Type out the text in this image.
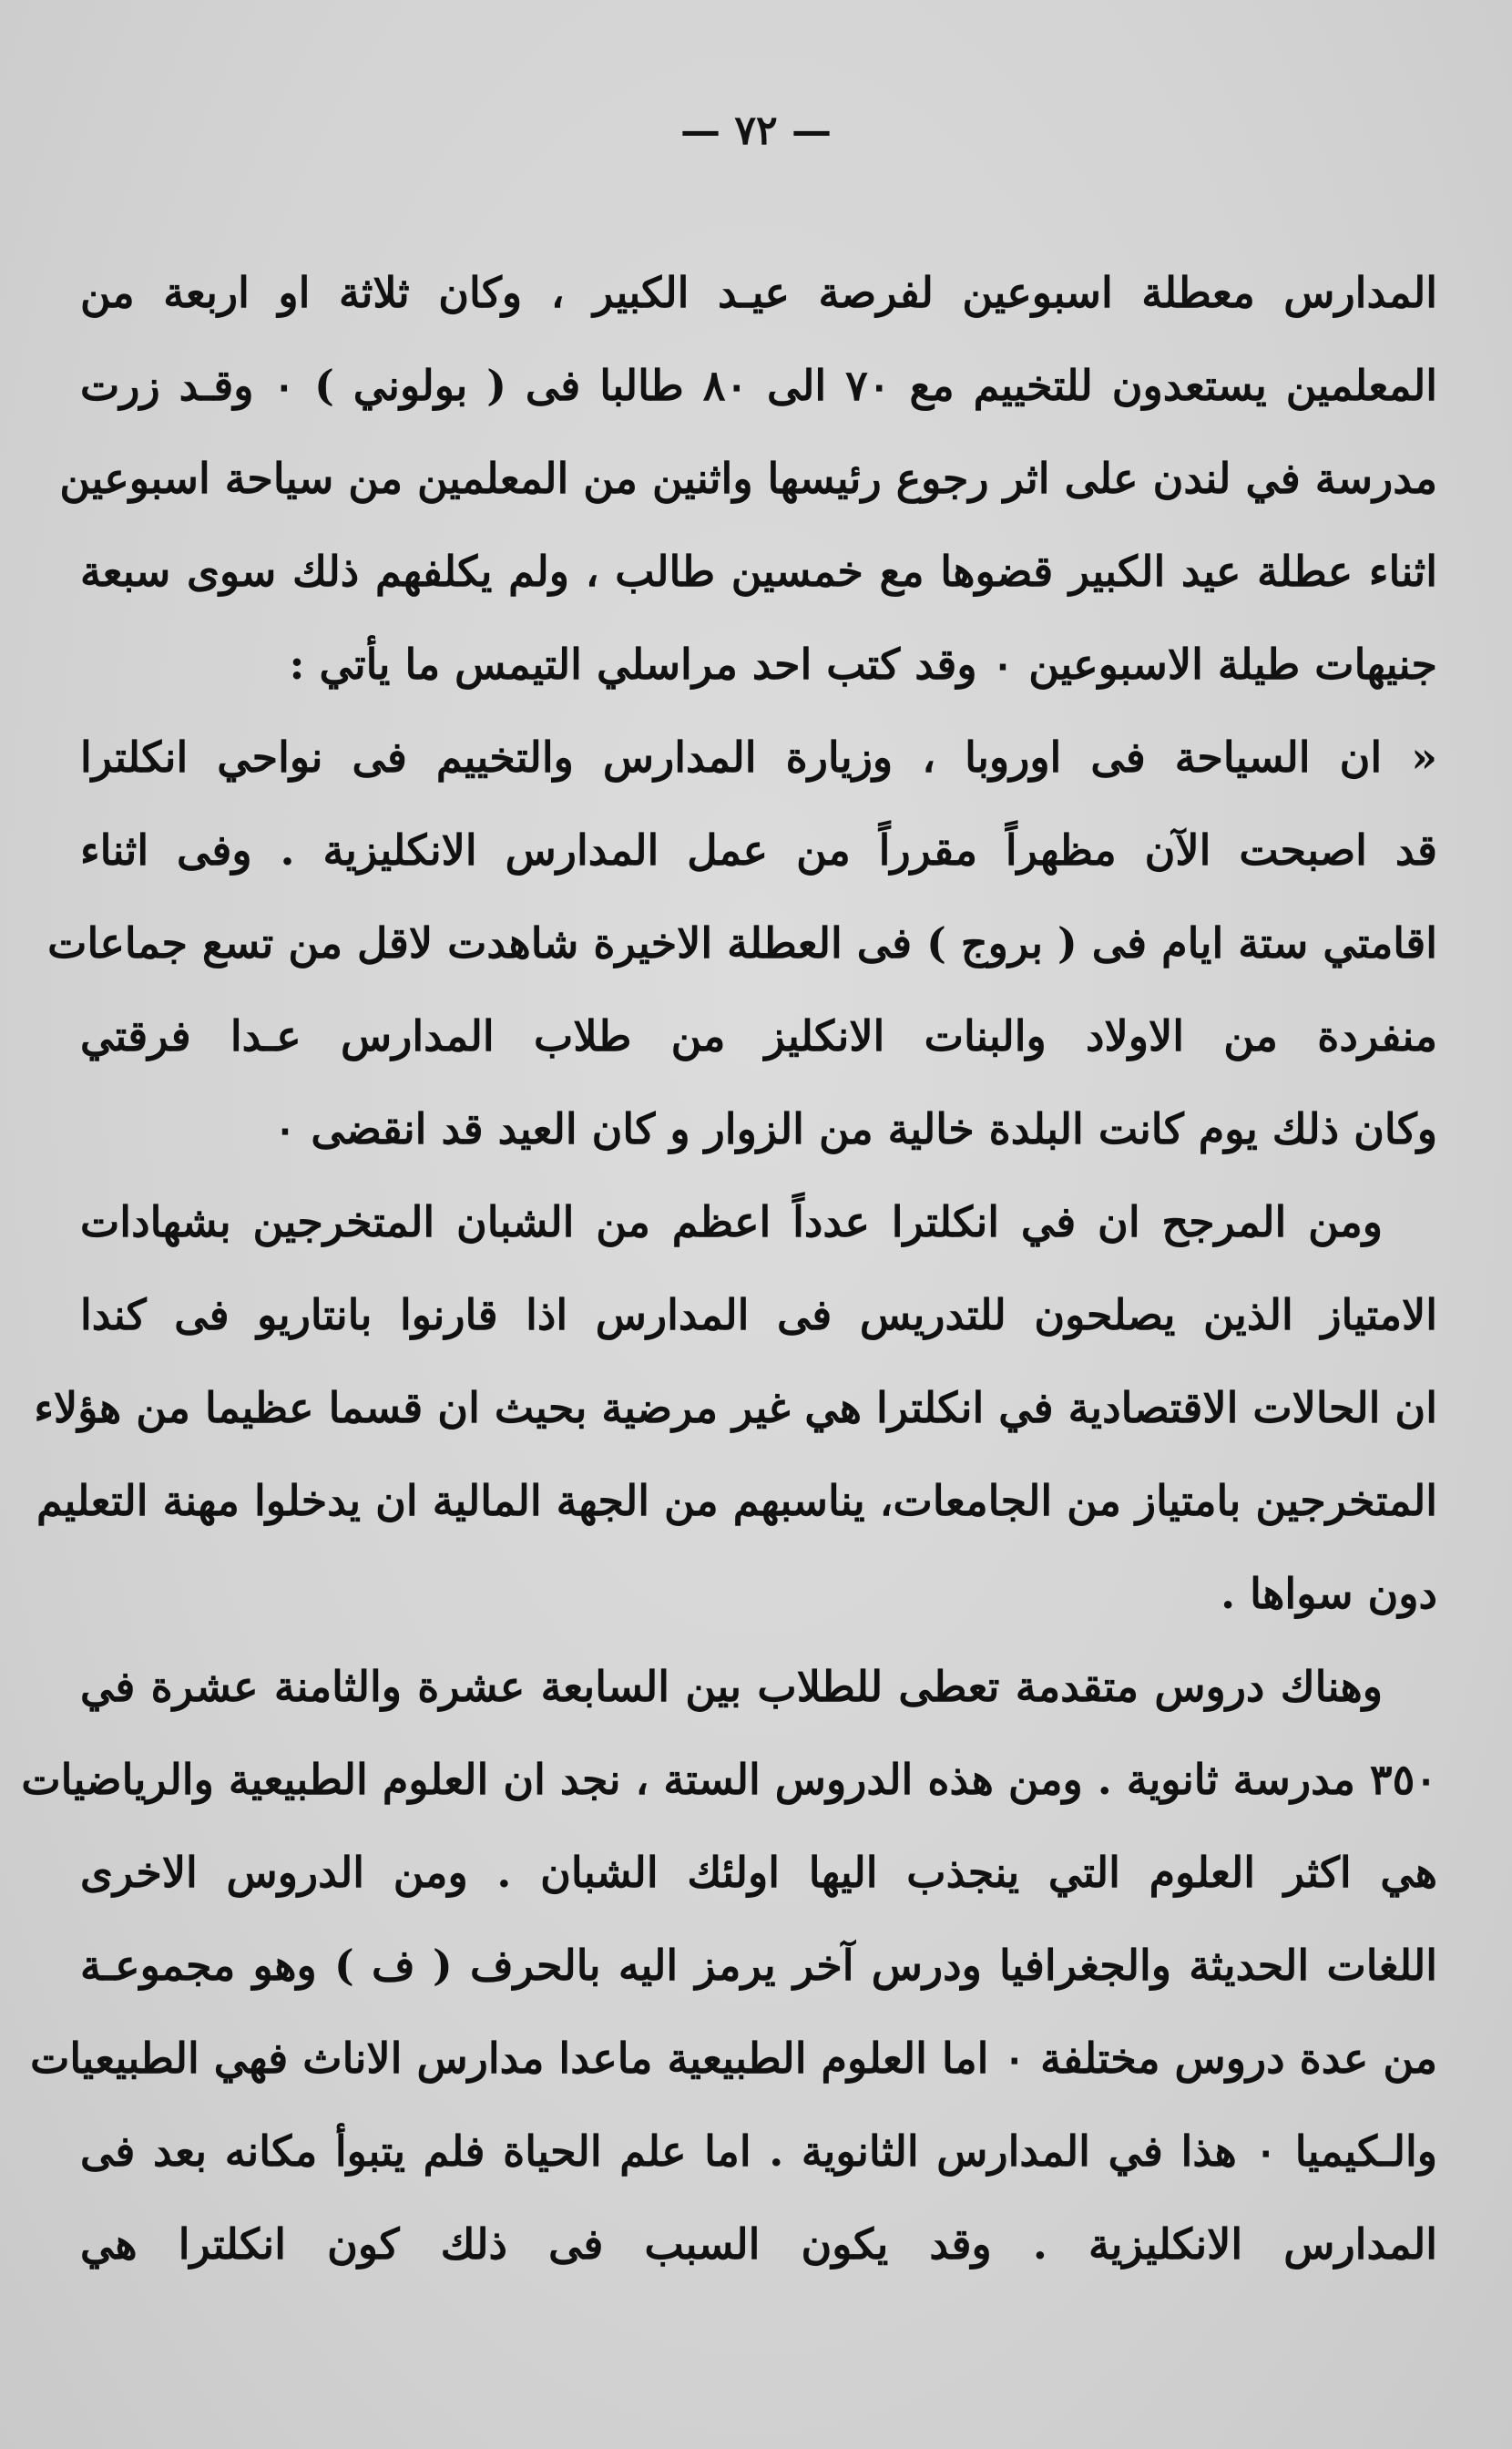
— ٧٢ —
المدارس معطلة اسبوعين لفرصة عيـد الكبير ، وكان ثلاثة او اربعة من
المعلمين يستعدون للتخييم مع ٧٠ الى ٨٠ طالبا فى ( بولوني ) ٠ وقـد زرت
مدرسة في لندن على اثر رجوع رئيسها واثنين من المعلمين من سياحة اسبوعين
اثناء عطلة عيد الكبير قضوها مع خمسين طالب ، ولم يكلفهم ذلك سوى سبعة
جنيهات طيلة الاسبوعين ٠ وقد كتب احد مراسلي التيمس ما يأتي :
« ان السياحة فى اوروبا ، وزيارة المدارس والتخييم فى نواحي انكلترا
قد اصبحت الآن مظهراً مقرراً من عمل المدارس الانكليزية . وفى اثناء
اقامتي ستة ايام فى ( بروج ) فى العطلة الاخيرة شاهدت لاقل من تسع جماعات
منفردة من الاولاد والبنات الانكليز من طلاب المدارس عـدا فرقتي
وكان ذلك يوم كانت البلدة خالية من الزوار و كان العيد قد انقضى ٠
ومن المرجح ان في انكلترا عدداً اعظم من الشبان المتخرجين بشهادات
الامتياز الذين يصلحون للتدريس فى المدارس اذا قارنوا بانتاريو فى كندا
ان الحالات الاقتصادية في انكلترا هي غير مرضية بحيث ان قسما عظيما من هؤلاء
المتخرجين بامتياز من الجامعات، يناسبهم من الجهة المالية ان يدخلوا مهنة التعليم
دون سواها .
وهناك دروس متقدمة تعطى للطلاب بين السابعة عشرة والثامنة عشرة في
٣٥٠ مدرسة ثانوية . ومن هذه الدروس الستة ، نجد ان العلوم الطبيعية والرياضيات
هي اكثر العلوم التي ينجذب اليها اولئك الشبان . ومن الدروس الاخرى
اللغات الحديثة والجغرافيا ودرس آخر يرمز اليه بالحرف ( ف ) وهو مجموعـة
من عدة دروس مختلفة ٠ اما العلوم الطبيعية ماعدا مدارس الاناث فهي الطبيعيات
والـكيميا ٠ هذا في المدارس الثانوية . اما علم الحياة فلم يتبوأ مكانه بعد فى
المدارس الانكليزية . وقد يكون السبب فى ذلك كون انكلترا هي
